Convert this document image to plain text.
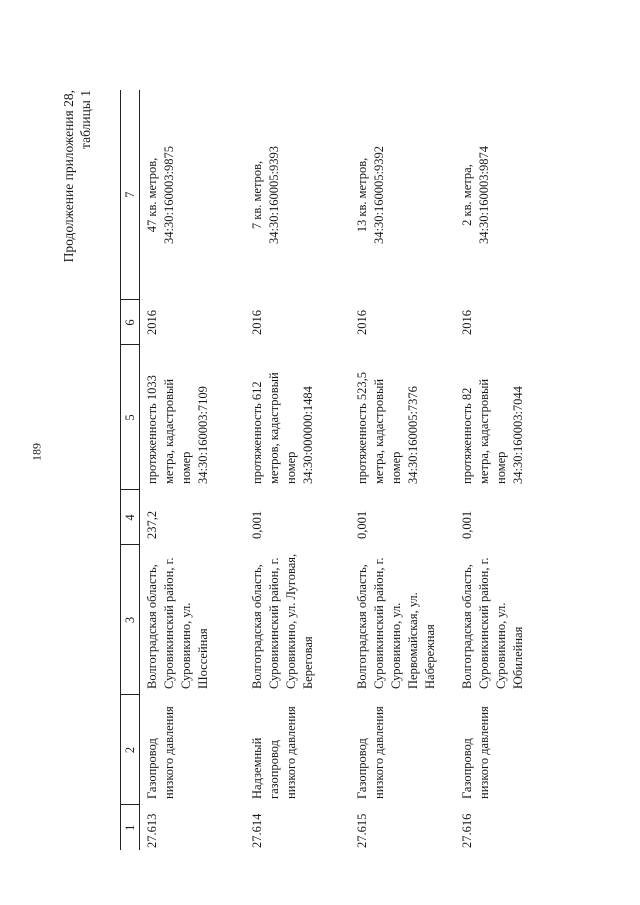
189
Продолжение приложения 28, таблицы 1
1	2	3	4	5	6	7
27.613	Газопровод низкого давления	Волгоградская область, Суровикинский район, г. Суровикино, ул. Шоссейная	237,2	протяженность 1033 метра, кадастровый номер 34:30:160003:7109	2016	47 кв. метров, 34:30:160003:9875

27.614	Надземный газопровод низкого давления	Волгоградская область, Суровикинский район, г. Суровикино, ул. Луговая, Береговая	0,001	протяженность 612 метров, кадастровый номер 34:30:000000:1484	2016	7 кв. метров, 34:30:160005:9393

27.615	Газопровод низкого давления	Волгоградская область, Суровикинский район, г. Суровикино, ул. Первомайская, ул. Набережная	0,001	протяженность 523,5 метра, кадастровый номер 34:30:160005:7376	2016	13 кв. метров, 34:30:160005:9392

27.616	Газопровод низкого давления	Волгоградская область, Суровикинский район, г. Суровикино, ул. Юбилейная	0,001	протяженность 82 метра, кадастровый номер 34:30:160003:7044	2016	2 кв. метра, 34:30:160003:9874
